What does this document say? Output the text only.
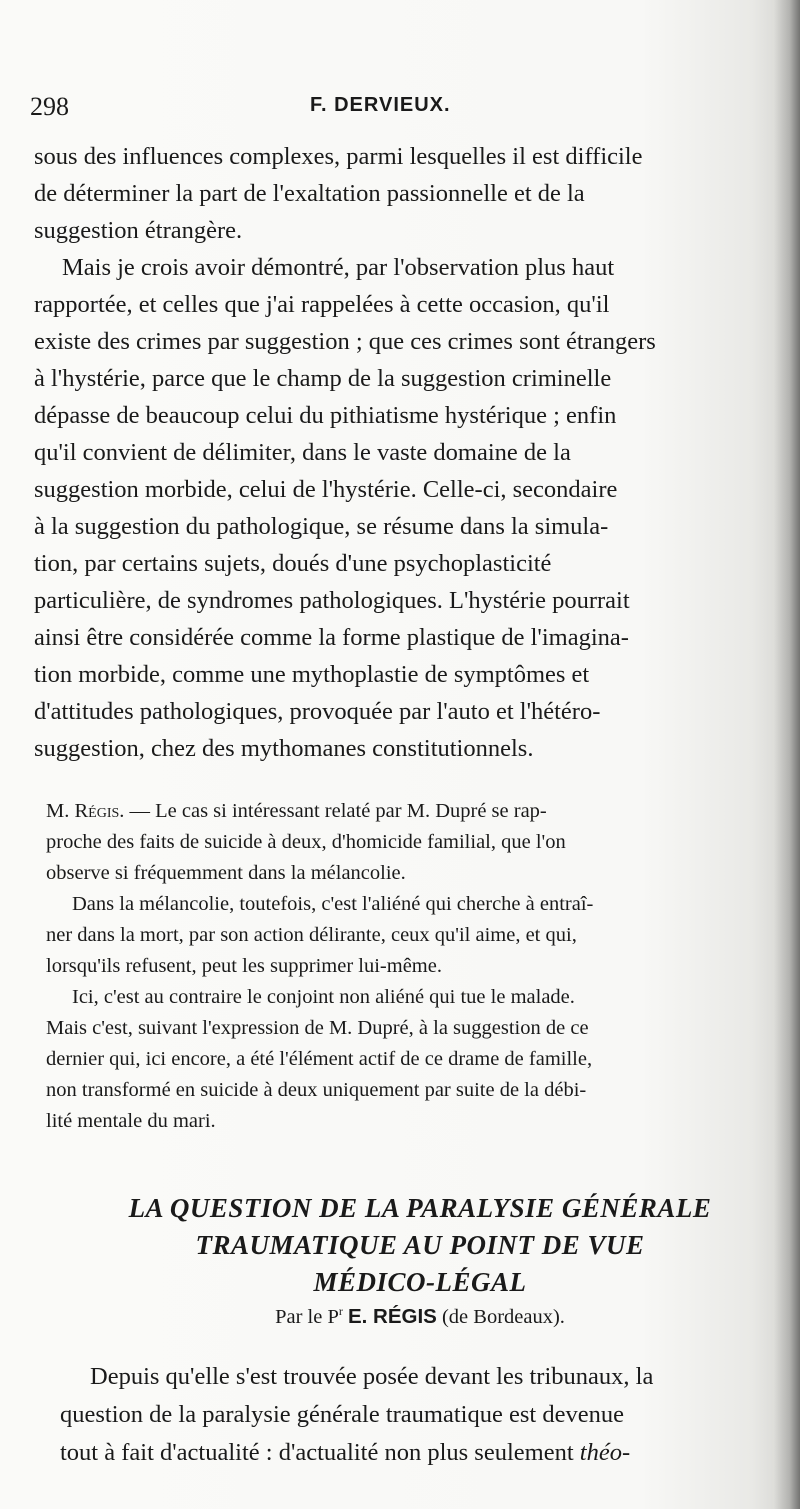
298	F. DERVIEUX.

sous des influences complexes, parmi lesquelles il est difficile
de déterminer la part de l'exaltation passionnelle et de la
suggestion étrangère.

Mais je crois avoir démontré, par l'observation plus haut
rapportée, et celles que j'ai rappelées à cette occasion, qu'il
existe des crimes par suggestion ; que ces crimes sont étrangers
à l'hystérie, parce que le champ de la suggestion criminelle
dépasse de beaucoup celui du pithiatisme hystérique ; enfin
qu'il convient de délimiter, dans le vaste domaine de la
suggestion morbide, celui de l'hystérie. Celle-ci, secondaire
à la suggestion du pathologique, se résume dans la simula-
tion, par certains sujets, doués d'une psychoplasticité
particulière, de syndromes pathologiques. L'hystérie pourrait
ainsi être considérée comme la forme plastique de l'imagina-
tion morbide, comme une mythoplastie de symptômes et
d'attitudes pathologiques, provoquée par l'auto et l'hétéro-
suggestion, chez des mythomanes constitutionnels.

M. Régis. — Le cas si intéressant relaté par M. Dupré se rap-
proche des faits de suicide à deux, d'homicide familial, que l'on
observe si fréquemment dans la mélancolie.

Dans la mélancolie, toutefois, c'est l'aliéné qui cherche à entraî-
ner dans la mort, par son action délirante, ceux qu'il aime, et qui,
lorsqu'ils refusent, peut les supprimer lui-même.

Ici, c'est au contraire le conjoint non aliéné qui tue le malade.
Mais c'est, suivant l'expression de M. Dupré, à la suggestion de ce
dernier qui, ici encore, a été l'élément actif de ce drame de famille,
non transformé en suicide à deux uniquement par suite de la débi-
lité mentale du mari.

LA QUESTION DE LA PARALYSIE GÉNÉRALE
TRAUMATIQUE AU POINT DE VUE
MÉDICO-LÉGAL
Par le $P^r$ E. RÉGIS (de Bordeaux).

Depuis qu'elle s'est trouvée posée devant les tribunaux, la
question de la paralysie générale traumatique est devenue
tout à fait d'actualité : d'actualité non plus seulement théo-
